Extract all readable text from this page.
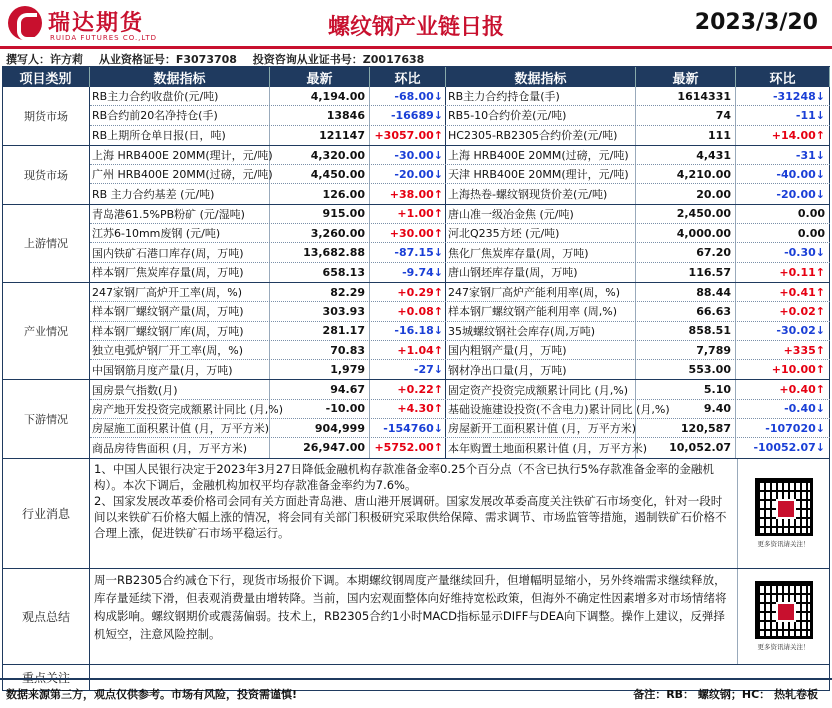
瑞达期货
RUIDA FUTURES CO.,LTD	螺纹钢产业链日报	2023/3/20
撰写人：许方莉 从业资格证号：F3073708 投资咨询从业证书号：Z0017638
项目类别	数据指标	最新	环比	数据指标	最新	环比
期货市场
RB主力合约收盘价(元/吨)	4,194.00	-68.00↓ RB主力合约持仓量(手)	1614331	-31248↓
RB合约前20名净持仓(手)	13846	-16689↓ RB5-10合约价差(元/吨)	74	-11↓
RB上期所仓单日报(日，吨)	121147 +3057.00↑ HC2305-RB2305合约价差(元/吨)	111	+14.00↑
现货市场
上海 HRB400E 20MM(理计，元/吨)	4,320.00	-30.00↓ 上海 HRB400E 20MM(过磅，元/吨)	4,431	-31↓
广州 HRB400E 20MM(过磅，元/吨)	4,450.00	-20.00↓ 天津 HRB400E 20MM(理计，元/吨)	4,210.00	-40.00↓
RB 主力合约基差 (元/吨)	126.00	+38.00↑ 上海热卷-螺纹钢现货价差(元/吨)	20.00	-20.00↓
上游情况
青岛港61.5%PB粉矿 (元/湿吨)	915.00	+1.00↑ 唐山准一级冶金焦 (元/吨)	2,450.00	0.00
江苏6-10mm废钢 (元/吨)	3,260.00	+30.00↑ 河北Q235方坯 (元/吨)	4,000.00	0.00
国内铁矿石港口库存(周，万吨)	13,682.88	-87.15↓ 焦化厂焦炭库存量(周，万吨)	67.20	-0.30↓
样本钢厂焦炭库存量(周，万吨)	658.13	-9.74↓ 唐山钢坯库存量(周，万吨)	116.57	+0.11↑
产业情况
247家钢厂高炉开工率(周，%)	82.29	+0.29↑ 247家钢厂高炉产能利用率(周，%)	88.44	+0.41↑
样本钢厂螺纹钢产量(周，万吨)	303.93	+0.08↑ 样本钢厂螺纹钢产能利用率 (周,%)	66.63	+0.02↑
样本钢厂螺纹钢厂库(周，万吨)	281.17	-16.18↓ 35城螺纹钢社会库存(周,万吨)	858.51	-30.02↓
独立电弧炉钢厂开工率(周，%)	70.83	+1.04↑ 国内粗钢产量(月，万吨)	7,789	+335↑
中国钢筋月度产量(月，万吨)	1,979	-27↓ 钢材净出口量(月，万吨)	553.00	+10.00↑
下游情况
国房景气指数(月)	94.67	+0.22↑ 固定资产投资完成额累计同比 (月,%)	5.10	+0.40↑
房产地开发投资完成额累计同比 (月,%)	-10.00	+4.30↑ 基础设施建设投资(不含电力)累计同比 (月,%)	9.40	-0.40↓
房屋施工面积累计值 (月，万平方米)	904,999	-154760↓ 房屋新开工面积累计值 (月，万平方米)	120,587	-107020↓
商品房待售面积 (月，万平方米)	26,947.00 +5752.00↑ 本年购置土地面积累计值 (月，万平方米)	10,052.07	-10052.07↓
行业消息
1、中国人民银行决定于2023年3月27日降低金融机构存款准备金率0.25个百分点（不含已执行5%存款准备金率的金融机构）。本次下调后，金融机构加权平均存款准备金率约为7.6%。
2、国家发展改革委价格司会同有关方面赴青岛港、唐山港开展调研。国家发展改革委高度关注铁矿石市场变化，针对一段时间以来铁矿石价格大幅上涨的情况，将会同有关部门积极研究采取供给保障、需求调节、市场监管等措施，遏制铁矿石价格不合理上涨，促进铁矿石市场平稳运行。
更多资讯请关注！
观点总结
周一RB2305合约减仓下行，现货市场报价下调。本期螺纹钢周度产量继续回升，但增幅明显缩小，另外终端需求继续释放，库存量延续下滑，但表观消费量由增转降。当前，国内宏观面整体向好维持宽松政策，但海外不确定性因素增多对市场情绪将构成影响。螺纹钢期价或震荡偏弱。技术上，RB2305合约1小时MACD指标显示DIFF与DEA向下调整。操作上建议，反弹择机短空，注意风险控制。
更多资讯请关注！
重点关注
数据来源第三方，观点仅供参考。市场有风险，投资需谨慎!	备注：RB： 螺纹钢；HC： 热轧卷板
